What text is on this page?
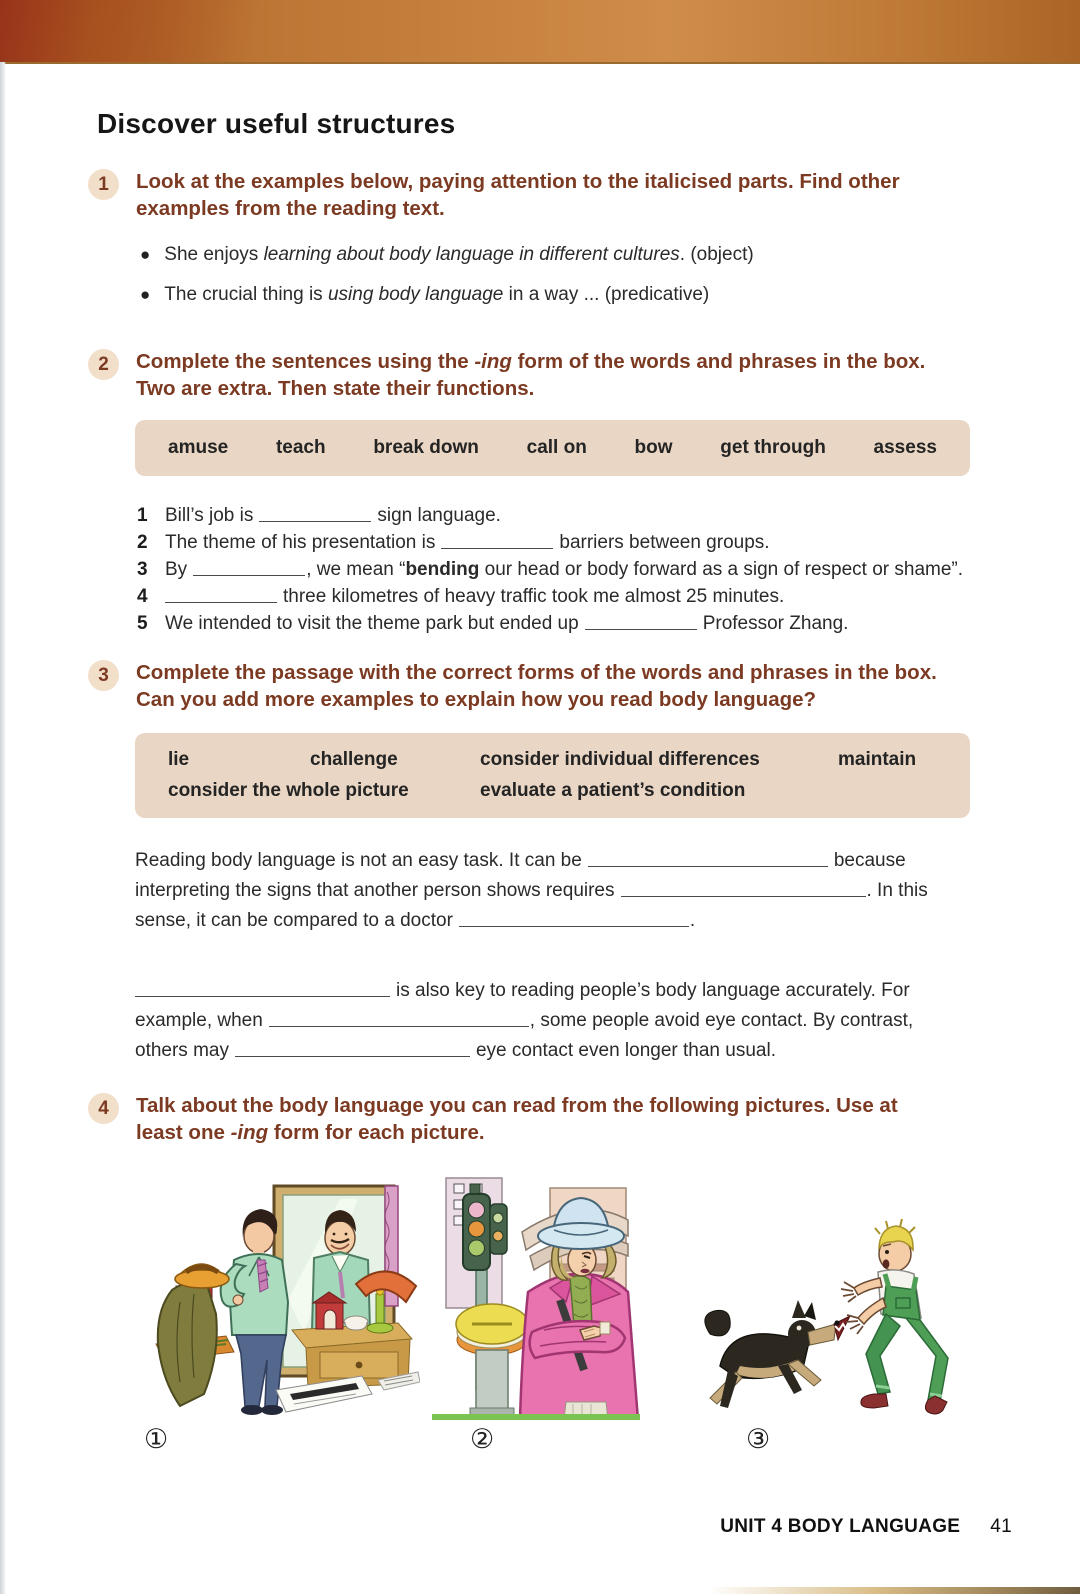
Discover useful structures
1	Look at the examples below, paying attention to the italicised parts. Find other examples from the reading text.
● She enjoys learning about body language in different cultures. (object)
● The crucial thing is using body language in a way ... (predicative)
2	Complete the sentences using the -ing form of the words and phrases in the box. Two are extra. Then state their functions.
amuse	teach	break down	call on	bow	get through	assess
1 Bill’s job is	sign language.
2 The theme of his presentation is	barriers between groups.
3 By	, we mean “bending our head or body forward as a sign of respect or shame”.
4	three kilometres of heavy traffic took me almost 25 minutes.
5 We intended to visit the theme park but ended up	Professor Zhang.
3	Complete the passage with the correct forms of the words and phrases in the box. Can you add more examples to explain how you read body language?
lie	challenge	consider individual differences	maintain
consider the whole picture	evaluate a patient’s condition

Reading body language is not an easy task. It can be	because interpreting the signs that another person shows requires	. In this sense, it can be compared to a doctor	.

is also key to reading people’s body language accurately. For example, when	, some people avoid eye contact. By contrast, others may	eye contact even longer than usual.

4	Talk about the body language you can read from the following pictures. Use at least one -ing form for each picture.
①	②	③
UNIT 4 BODY LANGUAGE 41
